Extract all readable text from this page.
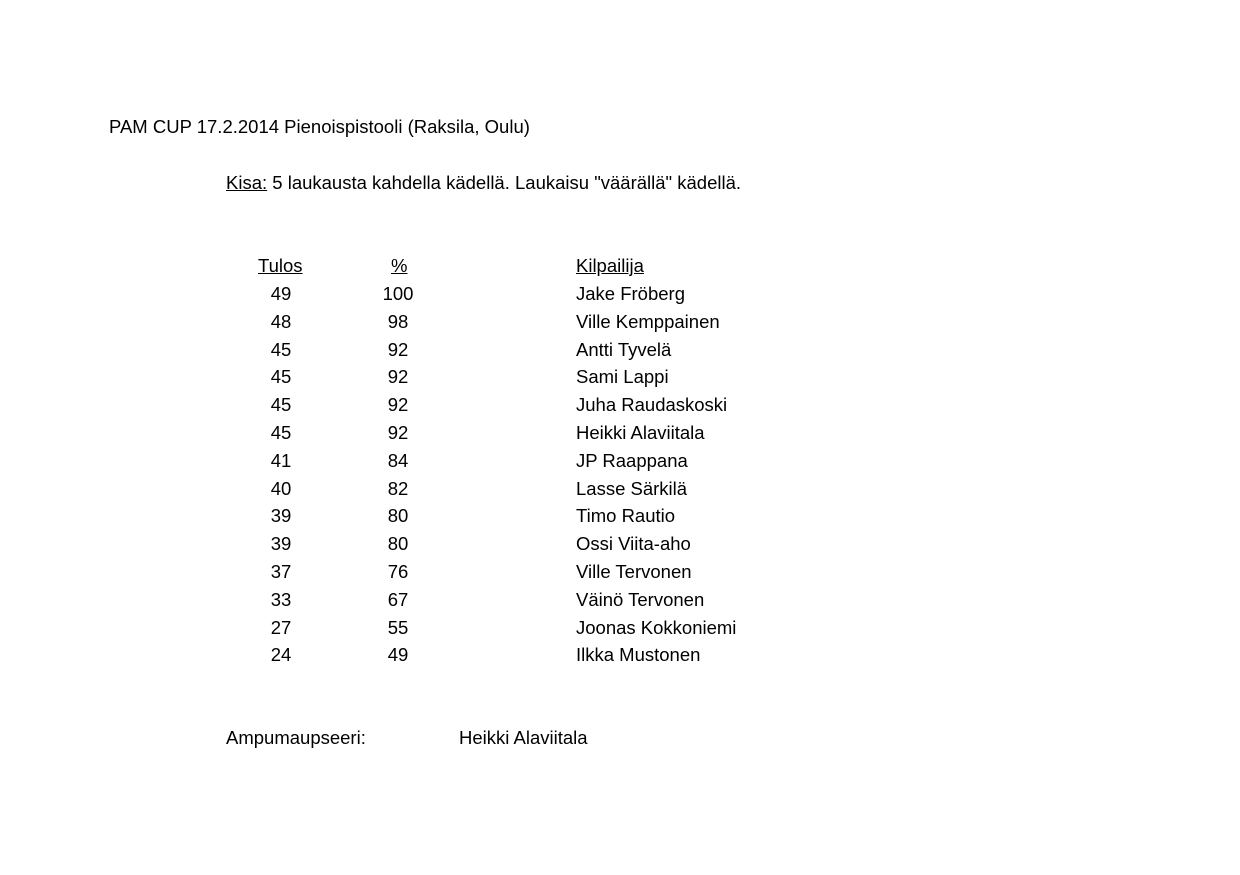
PAM CUP 17.2.2014 Pienoispistooli (Raksila, Oulu)
Kisa: 5 laukausta kahdella kädellä. Laukaisu "väärällä" kädellä.
Tulos	%	Kilpailija
49	100	Jake Fröberg
48	98	Ville Kemppainen
45	92	Antti Tyvelä
45	92	Sami Lappi
45	92	Juha Raudaskoski
45	92	Heikki Alaviitala
41	84	JP Raappana
40	82	Lasse Särkilä
39	80	Timo Rautio
39	80	Ossi Viita-aho
37	76	Ville Tervonen
33	67	Väinö Tervonen
27	55	Joonas Kokkoniemi
24	49	Ilkka Mustonen
Ampumaupseeri:	Heikki Alaviitala
